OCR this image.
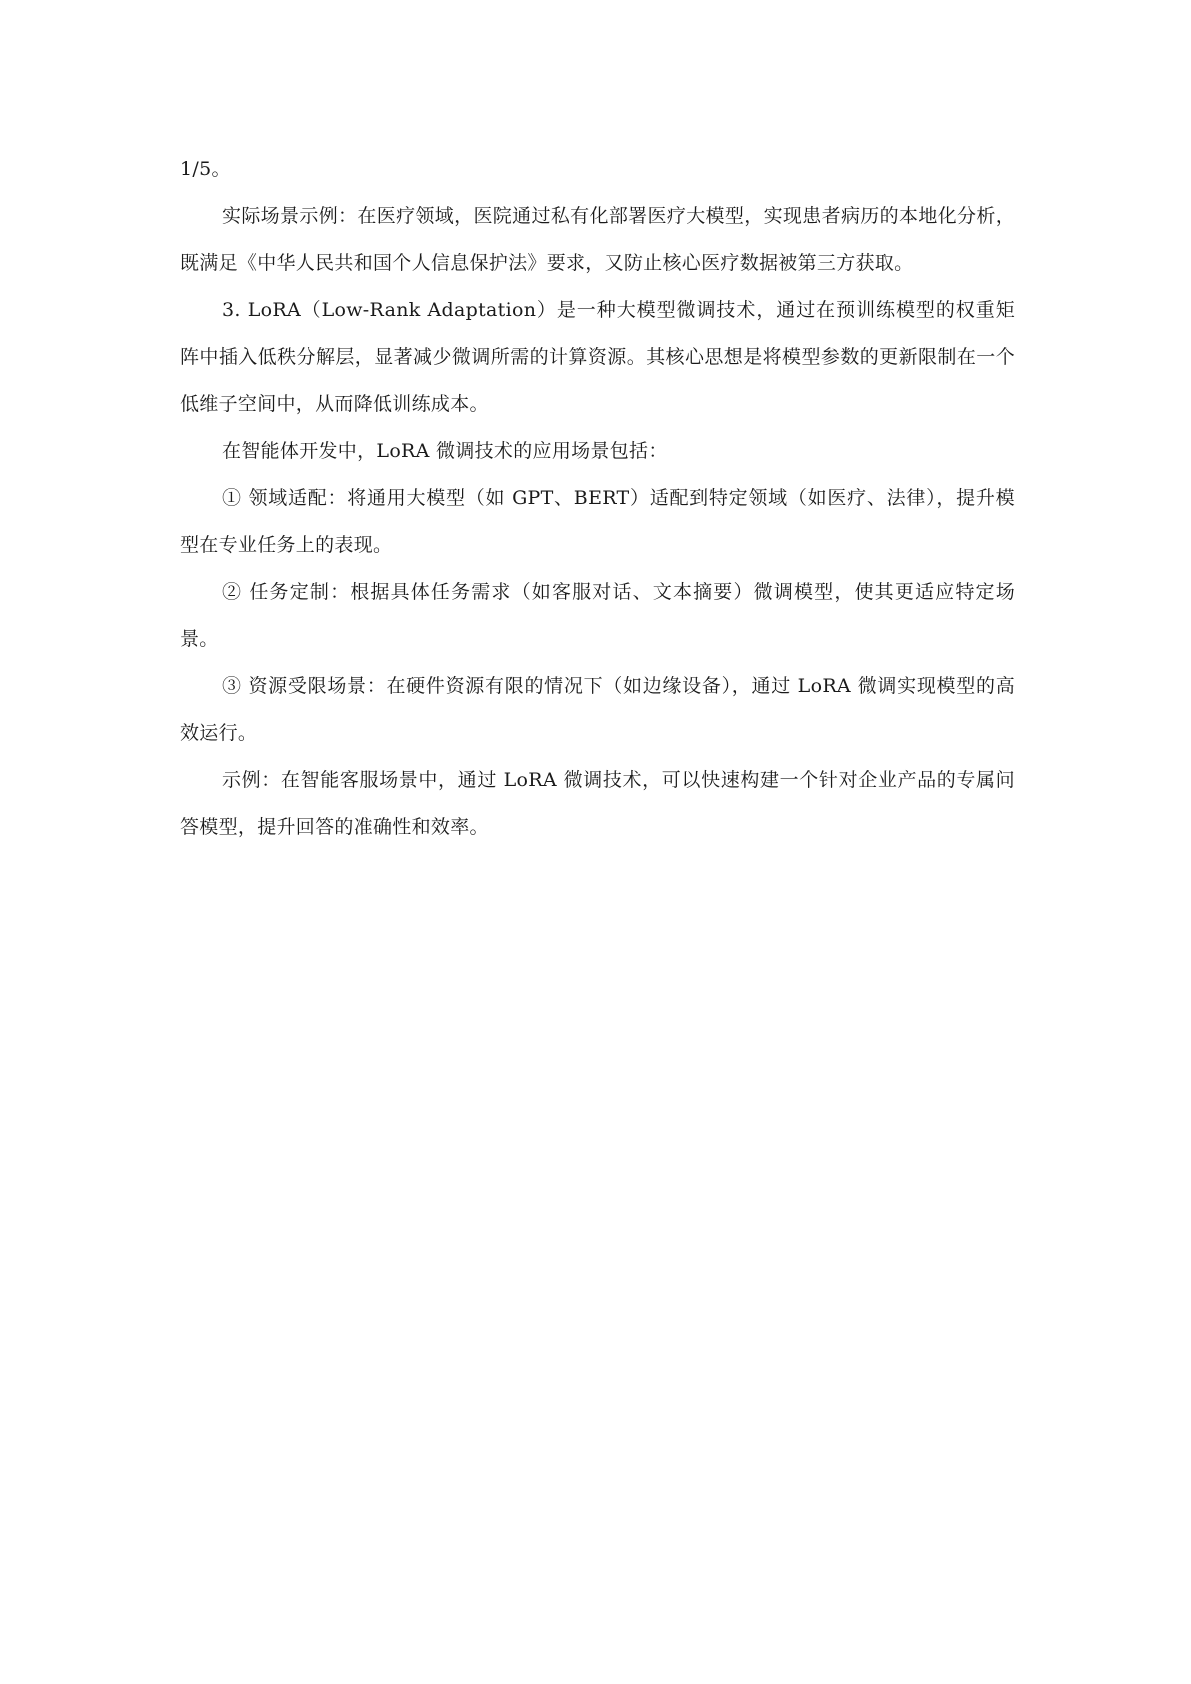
1/5。

实际场景示例：在医疗领域，医院通过私有化部署医疗大模型，实现患者病历的本地化分析，既满足《中华人民共和国个人信息保护法》要求，又防止核心医疗数据被第三方获取。

3. LoRA（Low-Rank Adaptation）是一种大模型微调技术，通过在预训练模型的权重矩阵中插入低秩分解层，显著减少微调所需的计算资源。其核心思想是将模型参数的更新限制在一个低维子空间中，从而降低训练成本。

在智能体开发中，LoRA 微调技术的应用场景包括：

① 领域适配：将通用大模型（如 GPT、BERT）适配到特定领域（如医疗、法律），提升模型在专业任务上的表现。

② 任务定制：根据具体任务需求（如客服对话、文本摘要）微调模型，使其更适应特定场景。

③ 资源受限场景：在硬件资源有限的情况下（如边缘设备），通过 LoRA 微调实现模型的高效运行。

示例：在智能客服场景中，通过 LoRA 微调技术，可以快速构建一个针对企业产品的专属问答模型，提升回答的准确性和效率。
